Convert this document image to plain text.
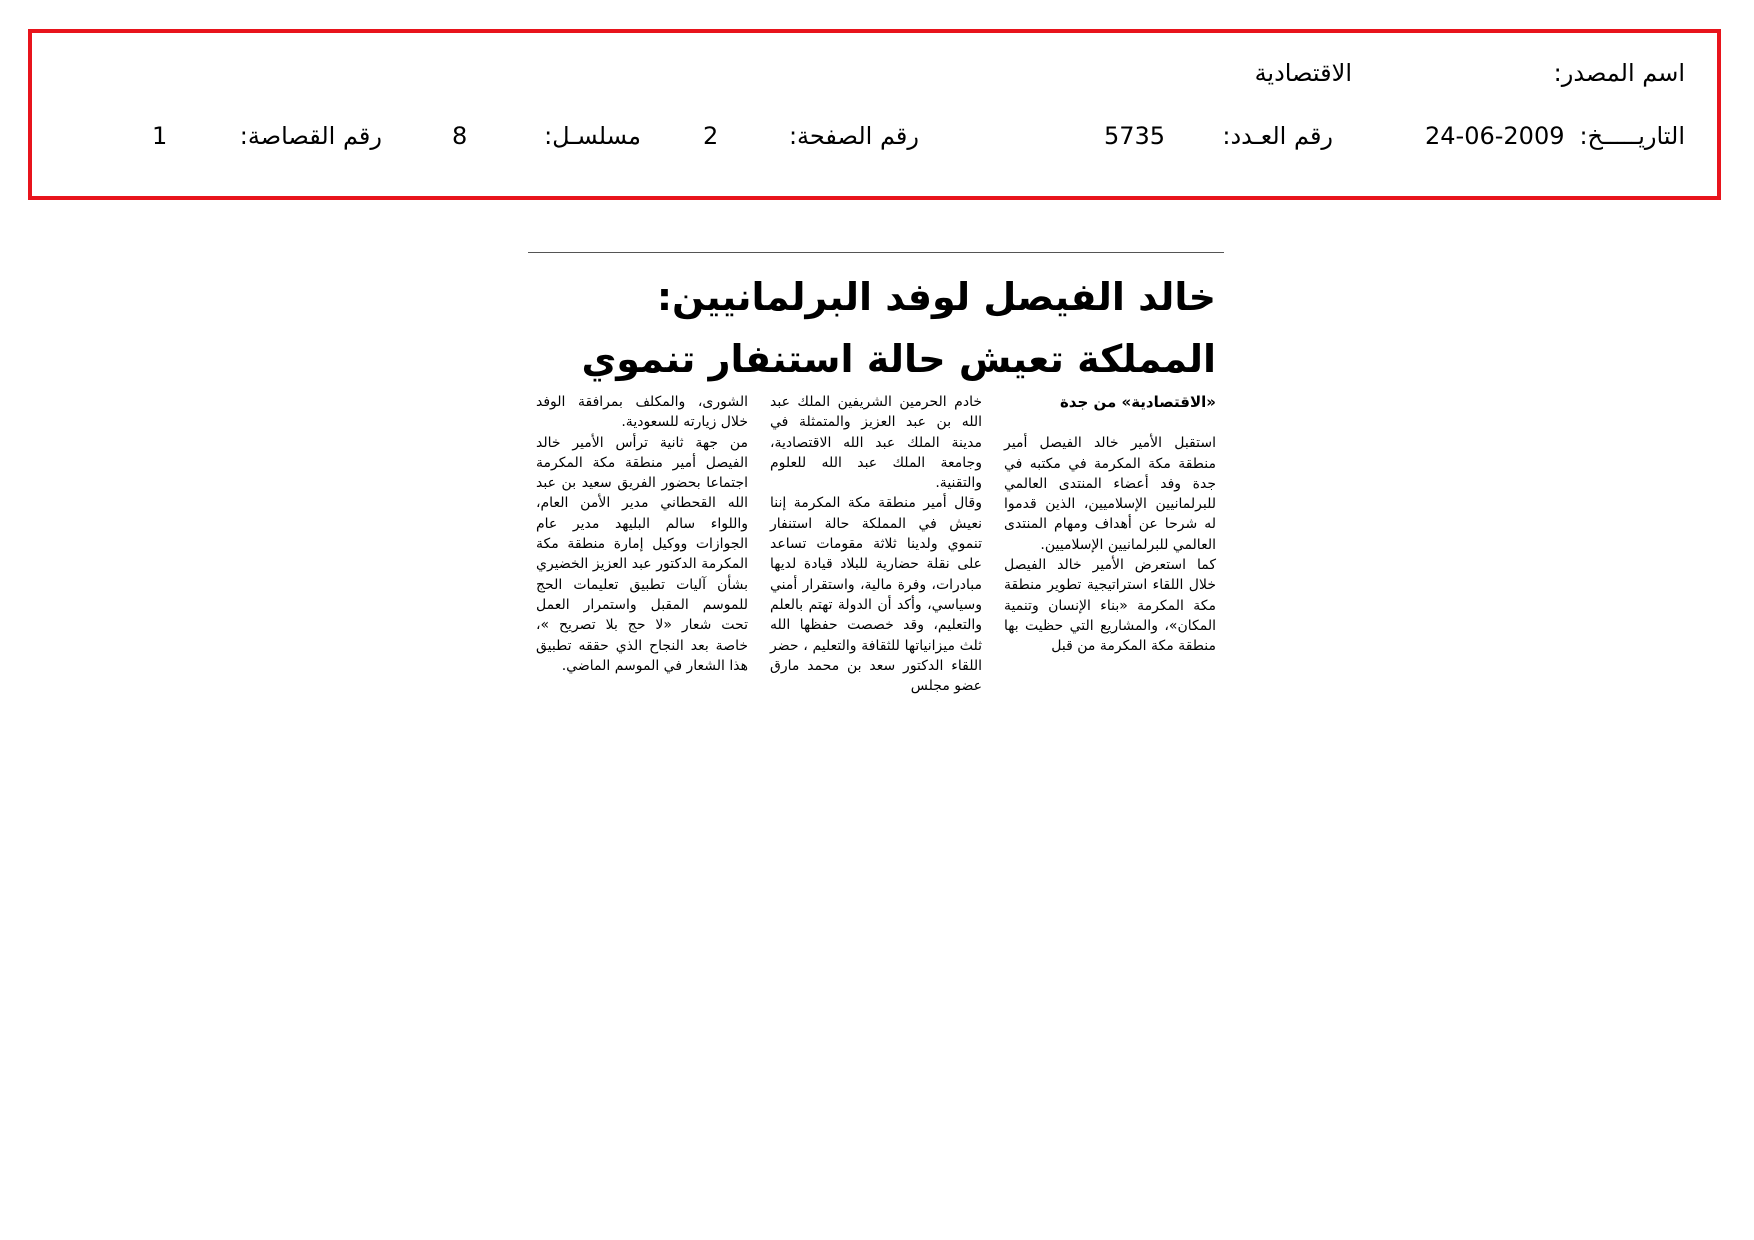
اسم المصدر:
الاقتصادية
التاريـــــخ:
24-06-2009
رقم العـدد:
5735
رقم الصفحة:
2
مسلسـل:
8
رقم القصاصة:
1
خالد الفيصل لوفد البرلمانيين: المملكة تعيش حالة استنفار تنموي

«الاقتصادية» من جدة

استقبل الأمير خالد الفيصل أمير منطقة مكة المكرمة في مكتبه في جدة وفد أعضاء المنتدى العالمي للبرلمانيين الإسلاميين، الذين قدموا له شرحا عن أهداف ومهام المنتدى العالمي للبرلمانيين الإسلاميين.

كما استعرض الأمير خالد الفيصل خلال اللقاء استراتيجية تطوير منطقة مكة المكرمة «بناء الإنسان وتنمية المكان»، والمشاريع التي حظيت بها منطقة مكة المكرمة من قبل

خادم الحرمين الشريفين الملك عبد الله بن عبد العزيز والمتمثلة في مدينة الملك عبد الله الاقتصادية، وجامعة الملك عبد الله للعلوم والتقنية.

وقال أمير منطقة مكة المكرمة إننا نعيش في المملكة حالة استنفار تنموي ولدينا ثلاثة مقومات تساعد على نقلة حضارية للبلاد قيادة لديها مبادرات، وفرة مالية، واستقرار أمني وسياسي، وأكد أن الدولة تهتم بالعلم والتعليم، وقد خصصت حفظها الله ثلث ميزانياتها للثقافة والتعليم ، حضر اللقاء الدكتور سعد بن محمد مارق عضو مجلس

الشورى، والمكلف بمرافقة الوفد خلال زيارته للسعودية.

من جهة ثانية ترأس الأمير خالد الفيصل أمير منطقة مكة المكرمة اجتماعا بحضور الفريق سعيد بن عبد الله القحطاني مدير الأمن العام، واللواء سالم البليهد مدير عام الجوازات ووكيل إمارة منطقة مكة المكرمة الدكتور عبد العزيز الخضيري بشأن آليات تطبيق تعليمات الحج للموسم المقبل واستمرار العمل تحت شعار «لا حج بلا تصريح »، خاصة بعد النجاح الذي حققه تطبيق هذا الشعار في الموسم الماضي.
